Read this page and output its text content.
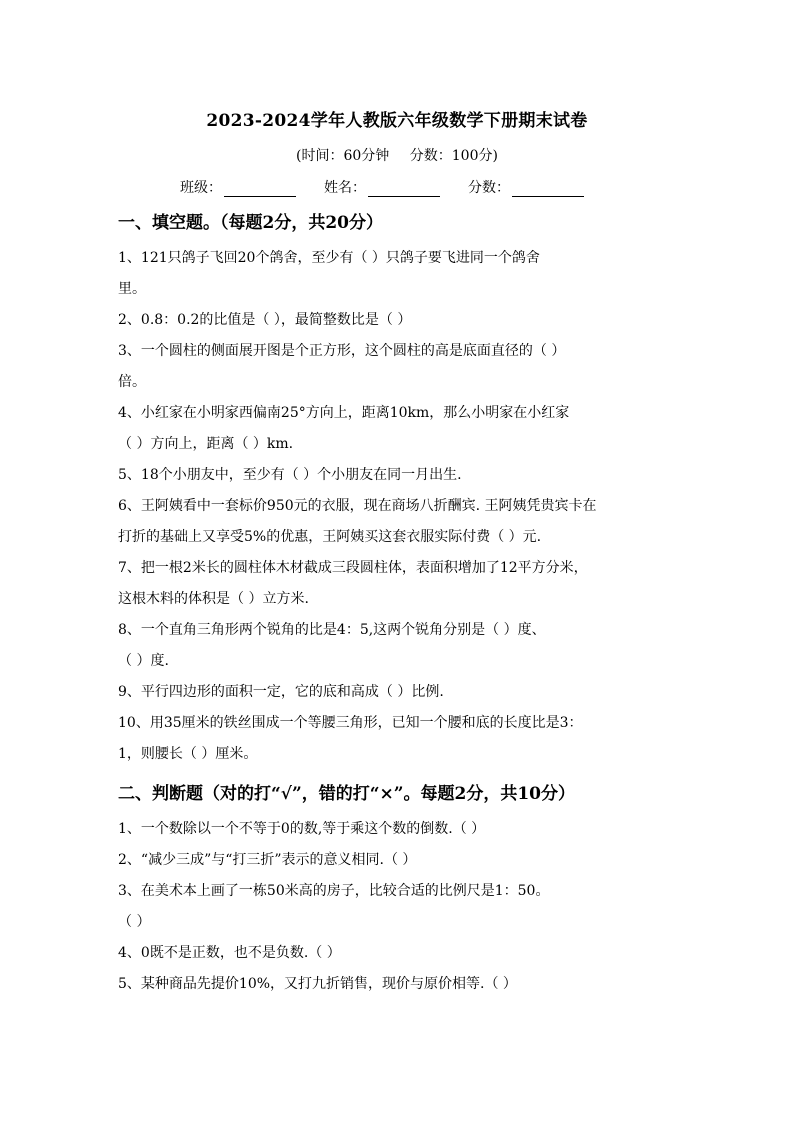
2023-2024学年人教版六年级数学下册期末试卷
(时间：60分钟 分数：100分)
班级：	姓名：	分数：
一、填空题。（每题2分，共20分）
1、121只鸽子飞回20个鸽舍，至少有（ ）只鸽子要飞进同一个鸽舍
里。
2、0.8：0.2的比值是（ ），最简整数比是（ ）
3、一个圆柱的侧面展开图是个正方形，这个圆柱的高是底面直径的（ ）
倍。
4、小红家在小明家西偏南25°方向上，距离10km，那么小明家在小红家
（ ）方向上，距离（ ）km.
5、18个小朋友中，至少有（ ）个小朋友在同一月出生.
6、王阿姨看中一套标价950元的衣服，现在商场八折酬宾. 王阿姨凭贵宾卡在
打折的基础上又享受5%的优惠，王阿姨买这套衣服实际付费（ ）元.
7、把一根2米长的圆柱体木材截成三段圆柱体，表面积增加了12平方分米，
这根木料的体积是（ ）立方米.
8、一个直角三角形两个锐角的比是4：5,这两个锐角分别是（ ）度、
（ ）度.
9、平行四边形的面积一定，它的底和高成（ ）比例.
10、用35厘米的铁丝围成一个等腰三角形，已知一个腰和底的长度比是3：
1，则腰长（ ）厘米。
二、判断题（对的打“√”，错的打“×”。每题2分，共10分）
1、一个数除以一个不等于0的数,等于乘这个数的倒数.（ ）
2、“减少三成”与“打三折”表示的意义相同.（ ）
3、在美术本上画了一栋50米高的房子，比较合适的比例尺是1：50。
（ ）
4、0既不是正数，也不是负数.（ ）
5、某种商品先提价10%，又打九折销售，现价与原价相等.（ ）
